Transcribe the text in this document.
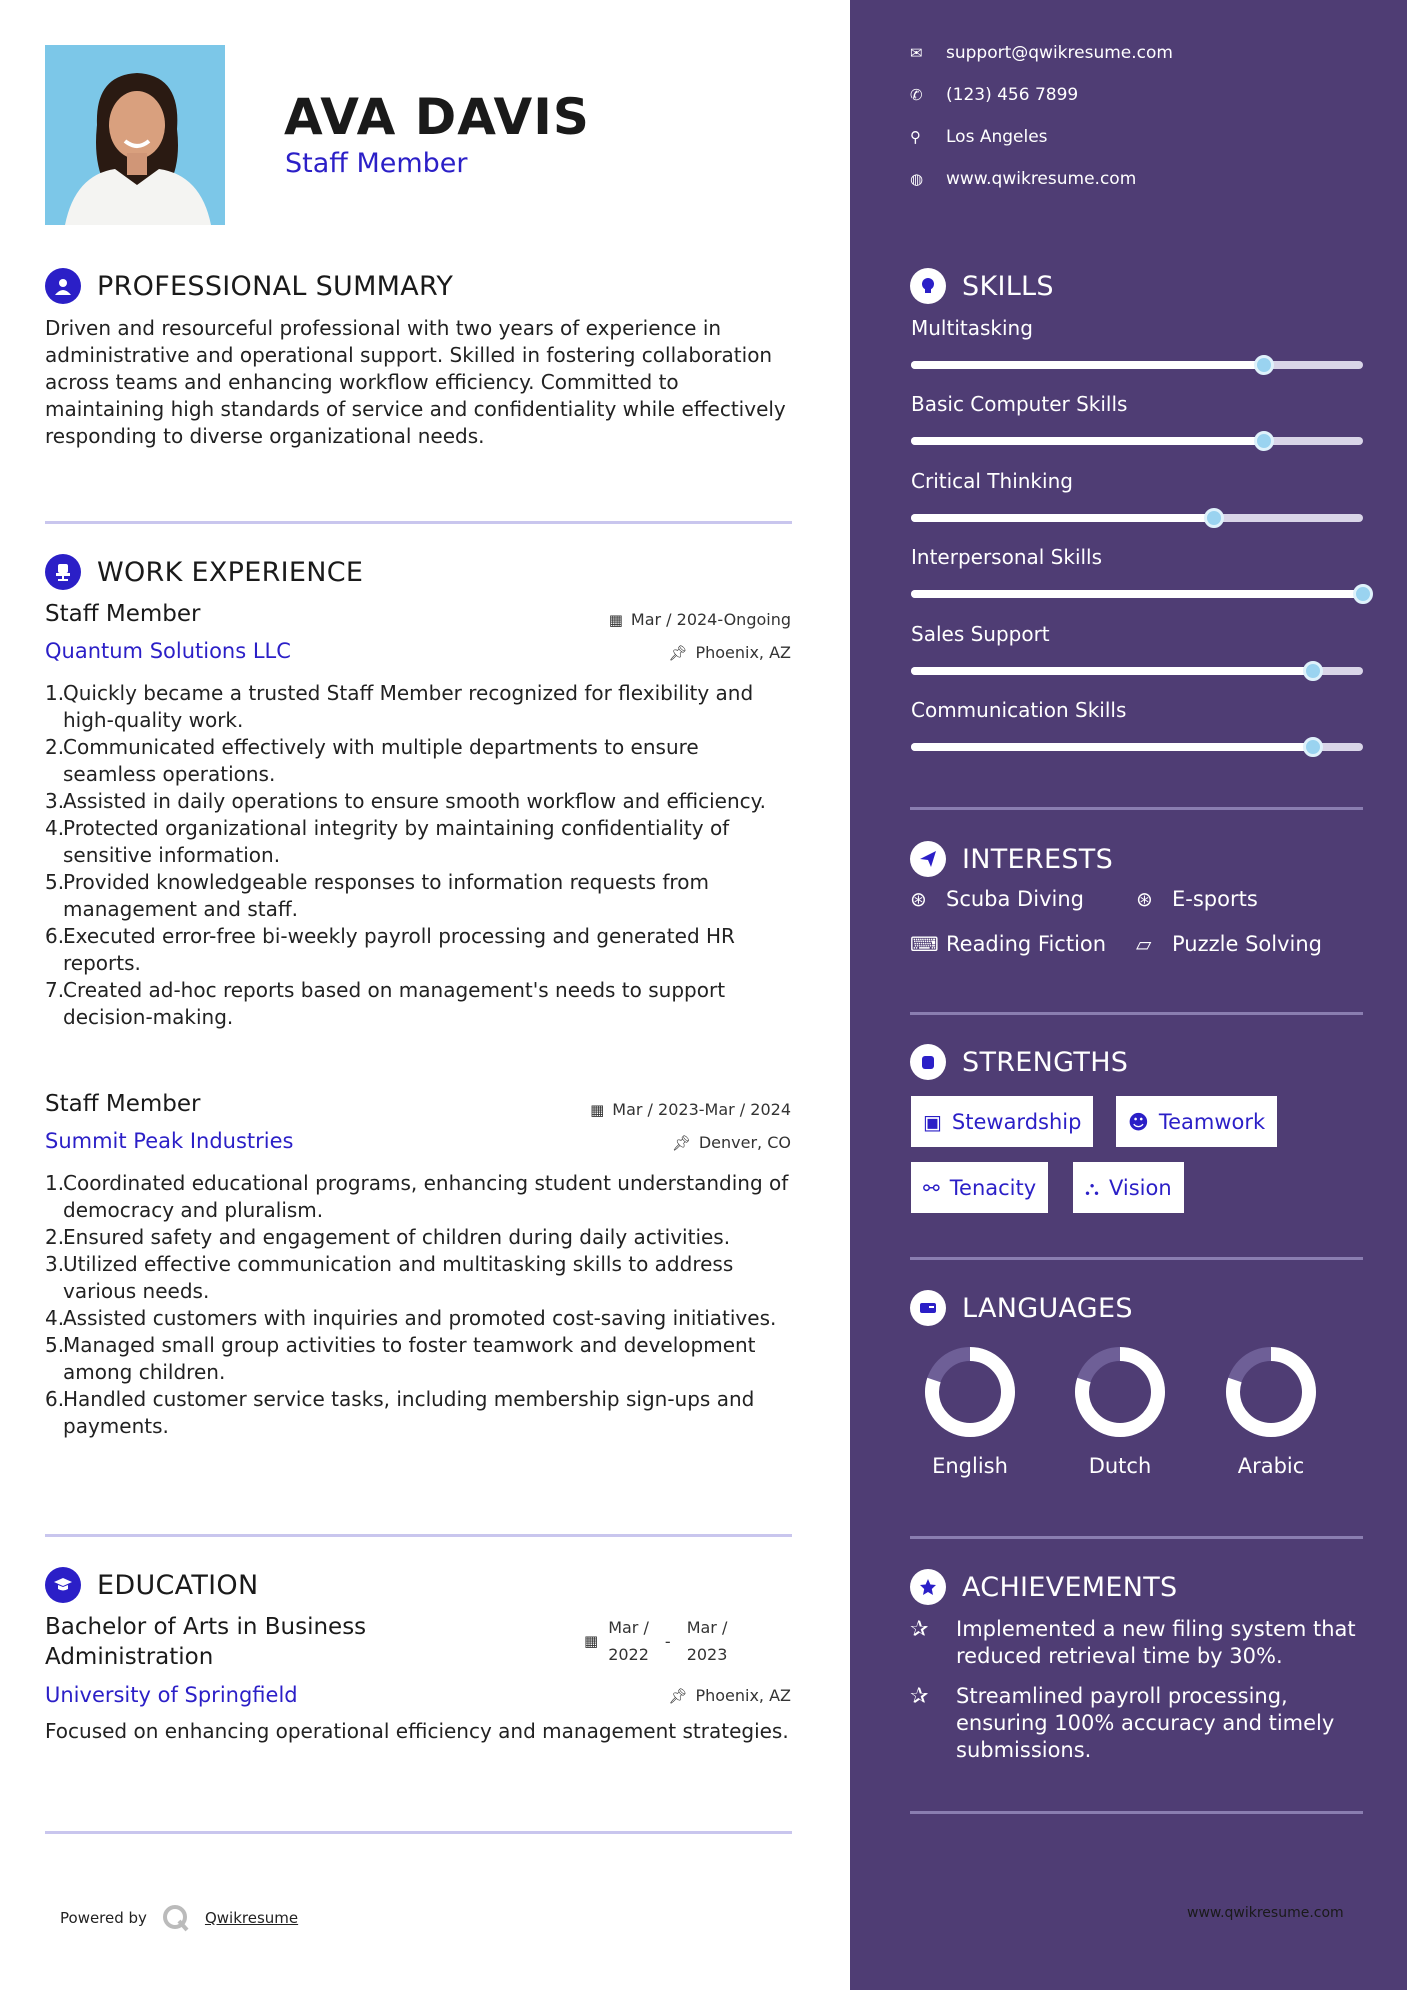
AVA DAVIS
Staff Member
PROFESSIONAL SUMMARY
Driven and resourceful professional with two years of experience in administrative and operational support. Skilled in fostering collaboration across teams and enhancing workflow efficiency. Committed to maintaining high standards of service and confidentiality while effectively responding to diverse organizational needs.
WORK EXPERIENCE
Staff Member	▦ Mar / 2024-Ongoing
Quantum Solutions LLC	📌︎ Phoenix, AZ
1.
Quickly became a trusted Staff Member recognized for flexibility and high-quality work.
2.
Communicated effectively with multiple departments to ensure seamless operations.
3.
Assisted in daily operations to ensure smooth workflow and efficiency.
4.
Protected organizational integrity by maintaining confidentiality of sensitive information.
5.
Provided knowledgeable responses to information requests from management and staff.
6.
Executed error-free bi-weekly payroll processing and generated HR reports.
7.
Created ad-hoc reports based on management's needs to support decision-making.
Staff Member	▦ Mar / 2023-Mar / 2024
Summit Peak Industries	📌︎ Denver, CO
1.
Coordinated educational programs, enhancing student understanding of democracy and pluralism.
2.
Ensured safety and engagement of children during daily activities.
3.
Utilized effective communication and multitasking skills to address various needs.
4.
Assisted customers with inquiries and promoted cost-saving initiatives.
5.
Managed small group activities to foster teamwork and development among children.
6.
Handled customer service tasks, including membership sign-ups and payments.
EDUCATION
Bachelor of Arts in Business Administration
▦
Mar /
2022
-
Mar /
2023
University of Springfield	📌︎ Phoenix, AZ
Focused on enhancing operational efficiency and management strategies.
Powered by	Qwikresume	www.qwikresume.com
✉	support@qwikresume.com
✆	(123) 456 7899
⚲	Los Angeles
◍	www.qwikresume.com
SKILLS
Multitasking
Basic Computer Skills
Critical Thinking
Interpersonal Skills
Sales Support
Communication Skills
INTERESTS
⊛ Scuba Diving	⊛ E-sports
⌨ Reading Fiction ▱ Puzzle Solving
STRENGTHS
▣ Stewardship ☻ Teamwork
⚯ Tenacity ⛬ Vision
LANGUAGES
English	Dutch	Arabic
ACHIEVEMENTS
✰	Implemented a new filing system that reduced retrieval time by 30%.
✰	Streamlined payroll processing, ensuring 100% accuracy and timely submissions.
